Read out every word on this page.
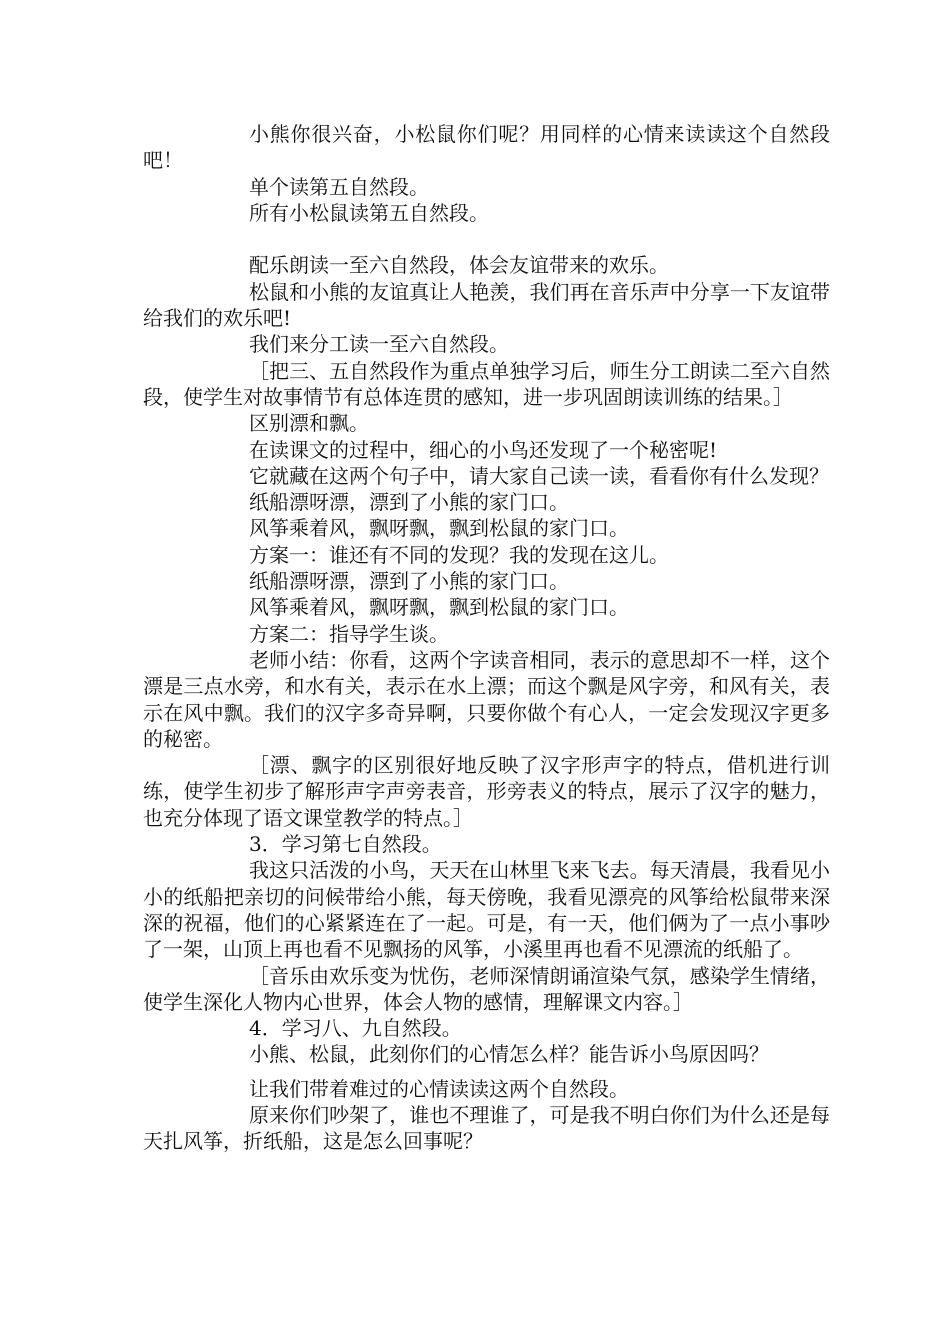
小熊你很兴奋，小松鼠你们呢？用同样的心情来读读这个自然段吧！

单个读第五自然段。

所有小松鼠读第五自然段。

配乐朗读一至六自然段，体会友谊带来的欢乐。

松鼠和小熊的友谊真让人艳羡，我们再在音乐声中分享一下友谊带给我们的欢乐吧!

我们来分工读一至六自然段。

［把三、五自然段作为重点单独学习后，师生分工朗读二至六自然段，使学生对故事情节有总体连贯的感知，进一步巩固朗读训练的结果。］

区别漂和飘。

在读课文的过程中，细心的小鸟还发现了一个秘密呢!

它就藏在这两个句子中，请大家自己读一读，看看你有什么发现？

纸船漂呀漂，漂到了小熊的家门口。

风筝乘着风，飘呀飘，飘到松鼠的家门口。

方案一：谁还有不同的发现？我的发现在这儿。

纸船漂呀漂，漂到了小熊的家门口。

风筝乘着风，飘呀飘，飘到松鼠的家门口。

方案二：指导学生谈。

老师小结：你看，这两个字读音相同，表示的意思却不一样，这个漂是三点水旁，和水有关，表示在水上漂；而这个飘是风字旁，和风有关，表示在风中飘。我们的汉字多奇异啊，只要你做个有心人，一定会发现汉字更多的秘密。

［漂、飘字的区别很好地反映了汉字形声字的特点，借机进行训练，使学生初步了解形声字声旁表音，形旁表义的特点，展示了汉字的魅力，也充分体现了语文课堂教学的特点。］

3．学习第七自然段。

我这只活泼的小鸟，天天在山林里飞来飞去。每天清晨，我看见小小的纸船把亲切的问候带给小熊，每天傍晚，我看见漂亮的风筝给松鼠带来深深的祝福，他们的心紧紧连在了一起。可是，有一天，他们俩为了一点小事吵了一架，山顶上再也看不见飘扬的风筝，小溪里再也看不见漂流的纸船了。

［音乐由欢乐变为忧伤，老师深情朗诵渲染气氛，感染学生情绪，使学生深化人物内心世界，体会人物的感情，理解课文内容。］

4．学习八、九自然段。

小熊、松鼠，此刻你们的心情怎么样？能告诉小鸟原因吗？

让我们带着难过的心情读读这两个自然段。

原来你们吵架了，谁也不理谁了，可是我不明白你们为什么还是每天扎风筝，折纸船，这是怎么回事呢？
